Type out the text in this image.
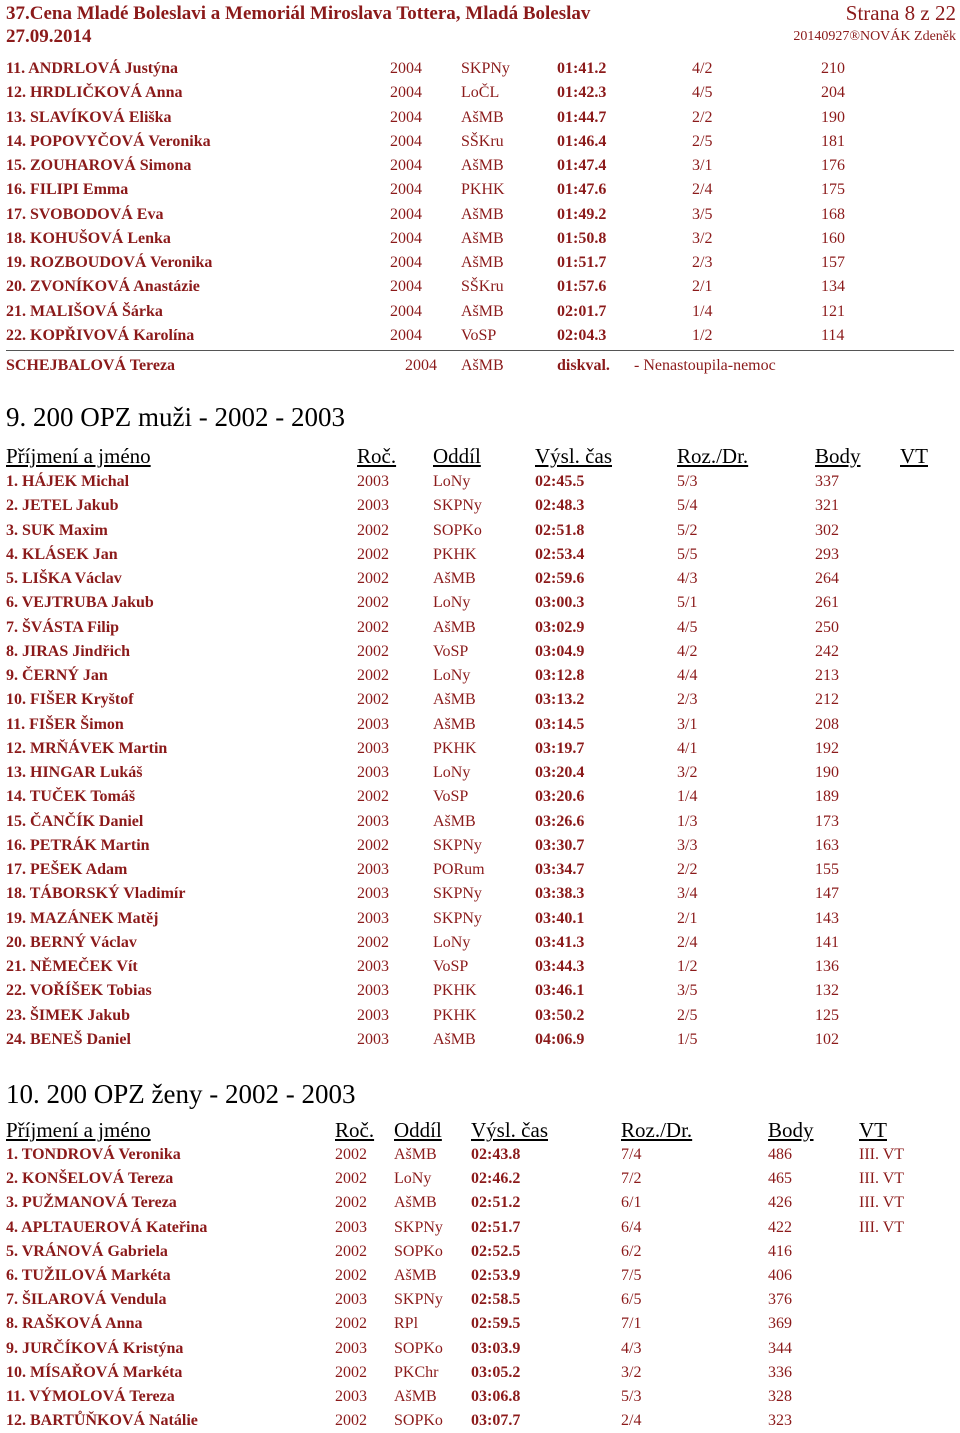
37.Cena Mladé Boleslavi a Memoriál Miroslava Tottera, Mladá Boleslav
27.09.2014
Strana 8 z 22
20140927®NOVÁK Zdeněk
11. ANDRLOVÁ Justýna	2004 SKPNy	01:41.2	4/2	210
12. HRDLIČKOVÁ Anna	2004 LoČL	01:42.3	4/5	204
13. SLAVÍKOVÁ Eliška	2004 AšMB	01:44.7	2/2	190
14. POPOVYČOVÁ Veronika	2004 SŠKru	01:46.4	2/5	181
15. ZOUHAROVÁ Simona	2004 AšMB	01:47.4	3/1	176
16. FILIPI Emma	2004 PKHK	01:47.6	2/4	175
17. SVOBODOVÁ Eva	2004 AšMB	01:49.2	3/5	168
18. KOHUŠOVÁ Lenka	2004 AšMB	01:50.8	3/2	160
19. ROZBOUDOVÁ Veronika	2004 AšMB	01:51.7	2/3	157
20. ZVONÍKOVÁ Anastázie	2004 SŠKru	01:57.6	2/1	134
21. MALIŠOVÁ Šárka	2004 AšMB	02:01.7	1/4	121
22. KOPŘIVOVÁ Karolína	2004 VoSP	02:04.3	1/2	114
SCHEJBALOVÁ Tereza	2004 AšMB	diskval. - Nenastoupila-nemoc
9. 200 OPZ muži - 2002 - 2003
Příjmení a jméno	Roč. Oddíl	Výsl. čas	Roz./Dr.	Body VT
1. HÁJEK Michal	2003	LoNy	02:45.5	5/3	337
2. JETEL Jakub	2003	SKPNy	02:48.3	5/4	321
3. SUK Maxim	2002	SOPKo	02:51.8	5/2	302
4. KLÁSEK Jan	2002	PKHK	02:53.4	5/5	293
5. LIŠKA Václav	2002	AšMB	02:59.6	4/3	264
6. VEJTRUBA Jakub	2002	LoNy	03:00.3	5/1	261
7. ŠVÁSTA Filip	2002	AšMB	03:02.9	4/5	250
8. JIRAS Jindřich	2002	VoSP	03:04.9	4/2	242
9. ČERNÝ Jan	2002	LoNy	03:12.8	4/4	213
10. FIŠER Kryštof	2002	AšMB	03:13.2	2/3	212
11. FIŠER Šimon	2003	AšMB	03:14.5	3/1	208
12. MRŇÁVEK Martin	2003	PKHK	03:19.7	4/1	192
13. HINGAR Lukáš	2003	LoNy	03:20.4	3/2	190
14. TUČEK Tomáš	2002	VoSP	03:20.6	1/4	189
15. ČANČÍK Daniel	2003	AšMB	03:26.6	1/3	173
16. PETRÁK Martin	2002	SKPNy	03:30.7	3/3	163
17. PEŠEK Adam	2003	PORum	03:34.7	2/2	155
18. TÁBORSKÝ Vladimír	2003	SKPNy	03:38.3	3/4	147
19. MAZÁNEK Matěj	2003	SKPNy	03:40.1	2/1	143
20. BERNÝ Václav	2002	LoNy	03:41.3	2/4	141
21. NĚMEČEK Vít	2003	VoSP	03:44.3	1/2	136
22. VOŘÍŠEK Tobias	2003	PKHK	03:46.1	3/5	132
23. ŠIMEK Jakub	2003	PKHK	03:50.2	2/5	125
24. BENEŠ Daniel	2003	AšMB	04:06.9	1/5	102
10. 200 OPZ ženy - 2002 - 2003
Příjmení a jméno	Roč. Oddíl Výsl. čas	Roz./Dr.	Body VT
1. TONDROVÁ Veronika	2002 AšMB 02:43.8	7/4	486	III. VT
2. KONŠELOVÁ Tereza	2002 LoNy 02:46.2	7/2	465	III. VT
3. PUŽMANOVÁ Tereza	2002 AšMB 02:51.2	6/1	426	III. VT
4. APLTAUEROVÁ Kateřina	2003 SKPNy 02:51.7	6/4	422	III. VT
5. VRÁNOVÁ Gabriela	2002 SOPKo 02:52.5	6/2	416
6. TUŽILOVÁ Markéta	2002 AšMB 02:53.9	7/5	406
7. ŠILAROVÁ Vendula	2003 SKPNy 02:58.5	6/5	376
8. RAŠKOVÁ Anna	2002 RPl	02:59.5	7/1	369
9. JURČÍKOVÁ Kristýna	2003 SOPKo 03:03.9	4/3	344
10. MÍSAŘOVÁ Markéta	2002 PKChr 03:05.2	3/2	336
11. VÝMOLOVÁ Tereza	2003 AšMB 03:06.8	5/3	328
12. BARTŮŇKOVÁ Natálie	2002 SOPKo 03:07.7	2/4	323
